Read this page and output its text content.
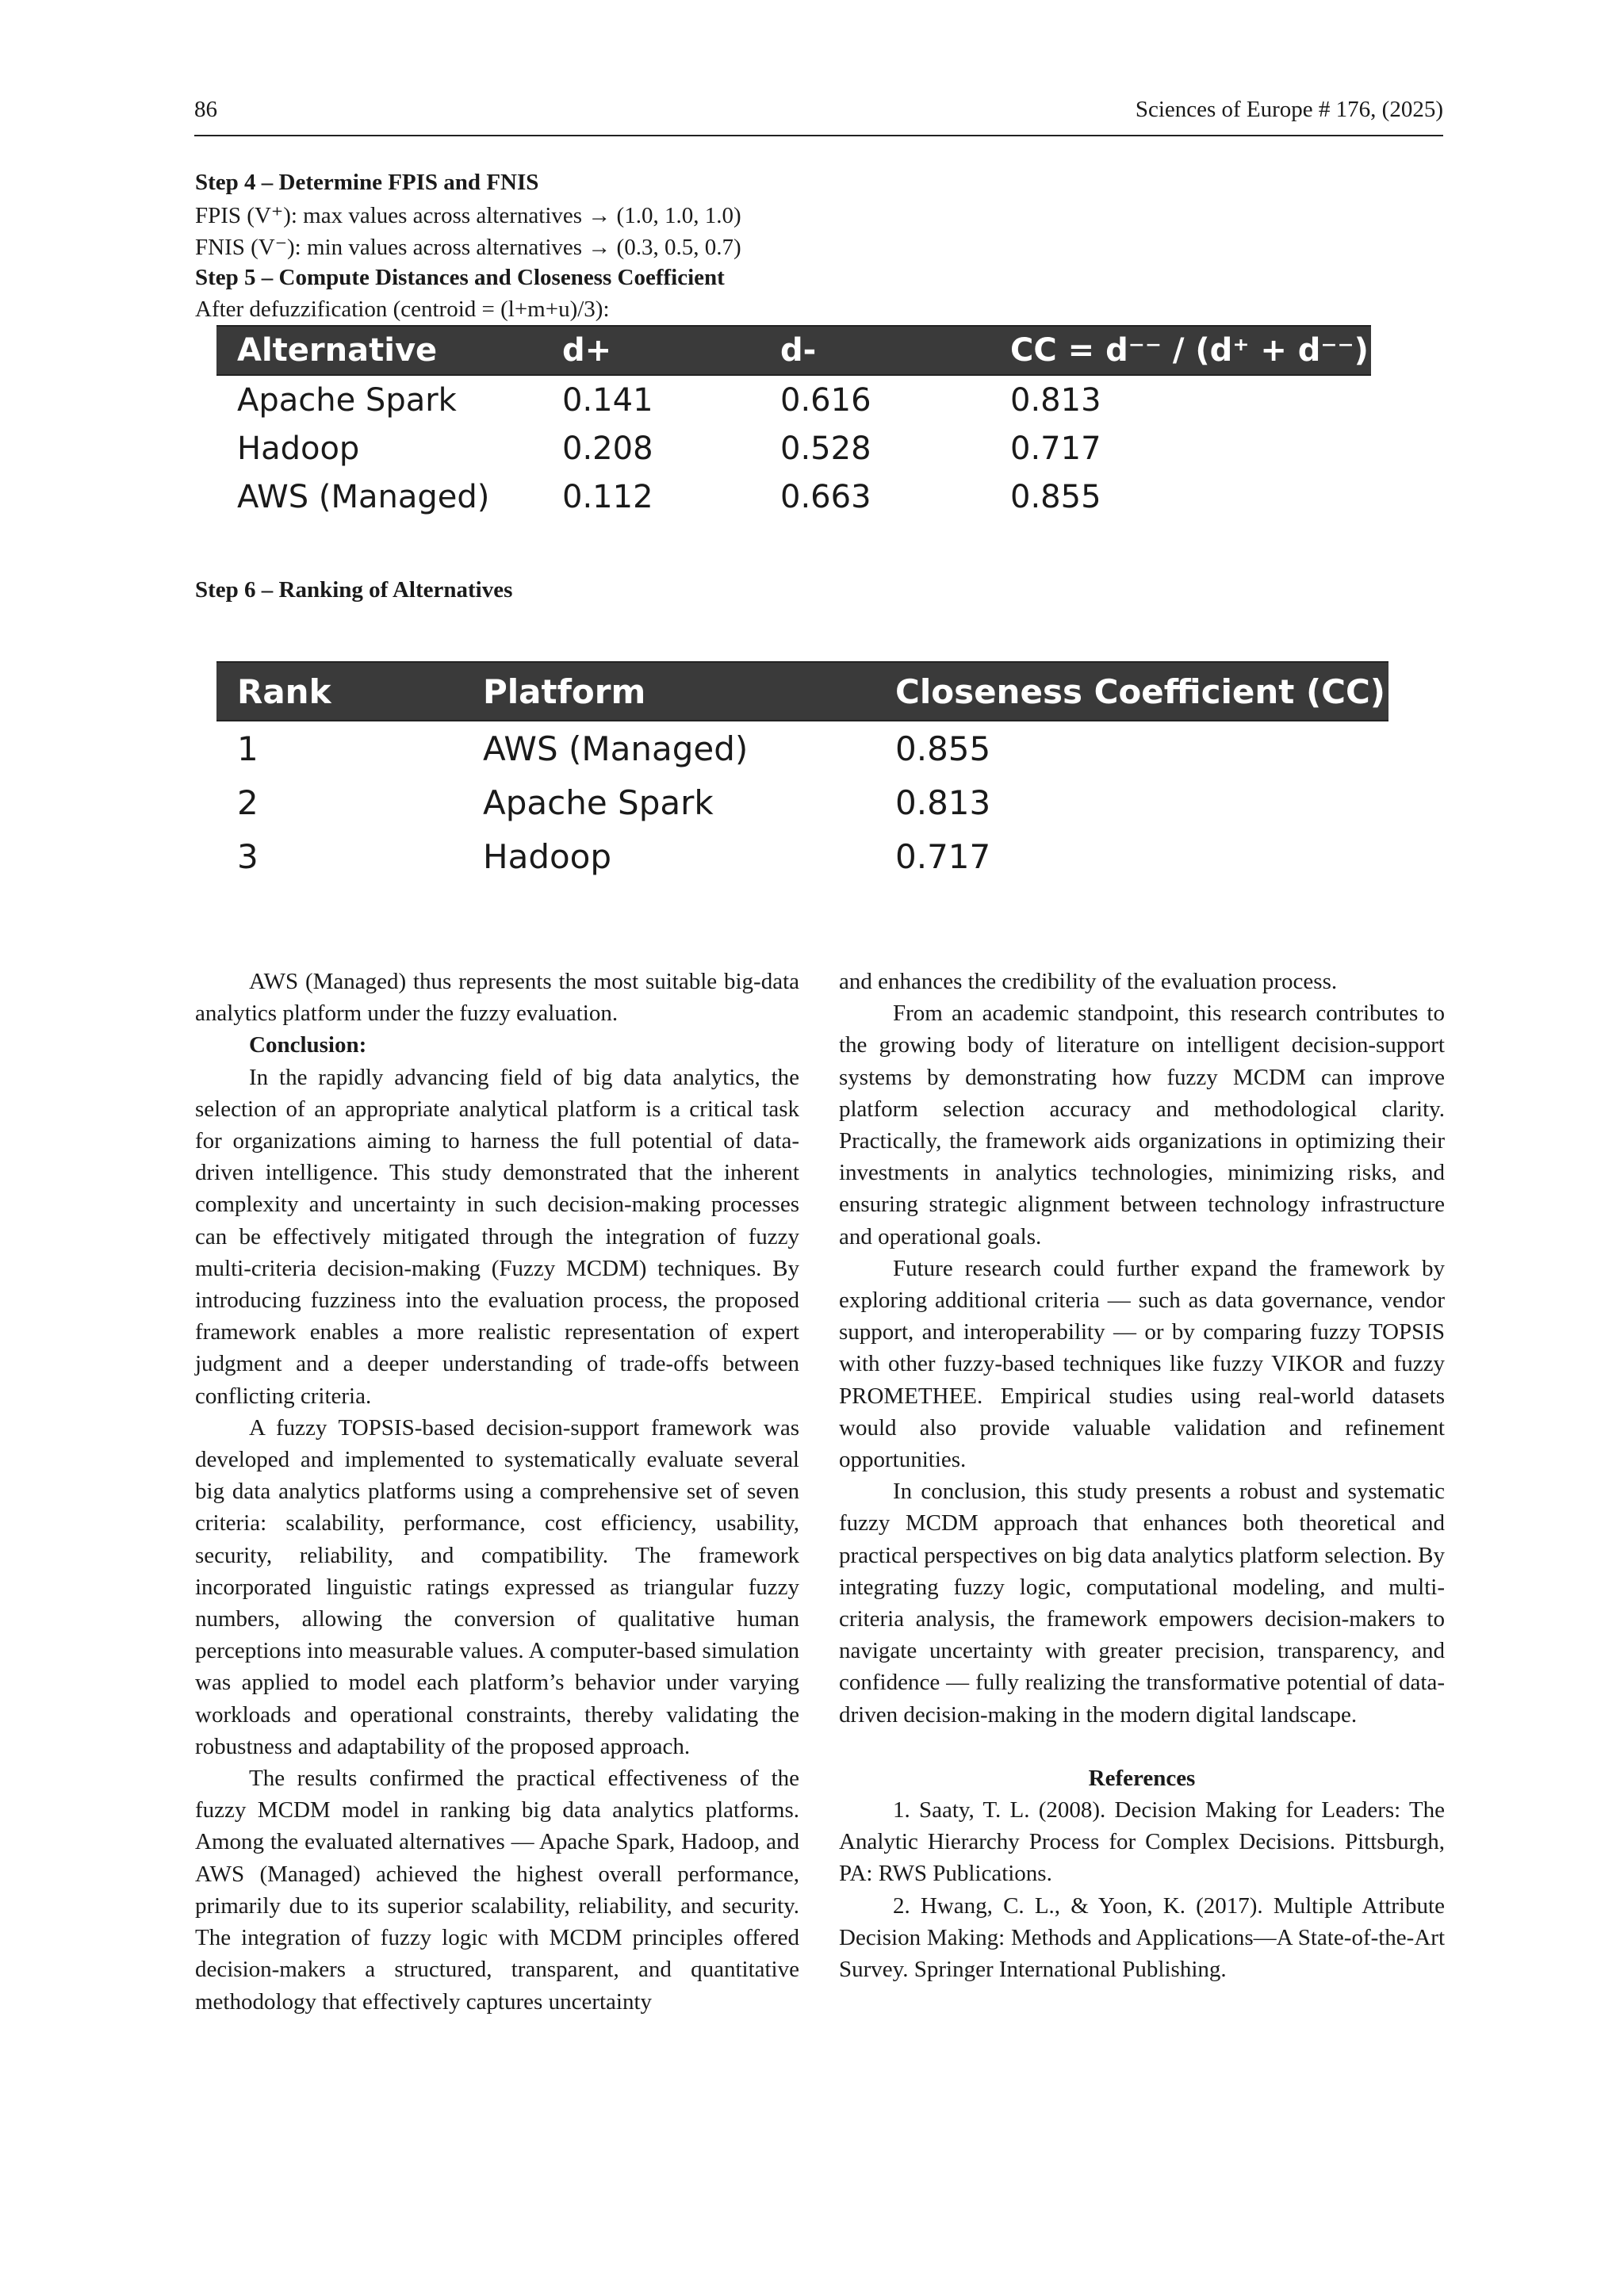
86	Sciences of Europe # 176, (2025)
Step 4 – Determine FPIS and FNIS
FPIS (V⁺): max values across alternatives → (1.0, 1.0, 1.0)
FNIS (V⁻): min values across alternatives → (0.3, 0.5, 0.7)
Step 5 – Compute Distances and Closeness Coefficient
After defuzzification (centroid = (l+m+u)/3):
Alternative	d+	d-	CC = d⁻⁻ / (d⁺ + d⁻⁻)
Apache Spark	0.141	0.616	0.813
Hadoop	0.208	0.528	0.717
AWS (Managed)	0.112	0.663	0.855
Step 6 – Ranking of Alternatives
Rank	Platform	Closeness Coefficient (CC)
1	AWS (Managed)	0.855
2	Apache Spark	0.813
3	Hadoop	0.717

AWS (Managed) thus represents the most suitable big-data analytics platform under the fuzzy evaluation.

Conclusion:

In the rapidly advancing field of big data analytics, the selection of an appropriate analytical platform is a critical task for organizations aiming to harness the full potential of data-driven intelligence. This study demonstrated that the inherent complexity and uncertainty in such decision-making processes can be effectively mitigated through the integration of fuzzy multi-criteria decision-making (Fuzzy MCDM) techniques. By introducing fuzziness into the evaluation process, the proposed framework enables a more realistic representation of expert judgment and a deeper understanding of trade-offs between conflicting criteria.

A fuzzy TOPSIS-based decision-support framework was developed and implemented to systematically evaluate several big data analytics platforms using a comprehensive set of seven criteria: scalability, performance, cost efficiency, usability, security, reliability, and compatibility. The framework incorporated linguistic ratings expressed as triangular fuzzy numbers, allowing the conversion of qualitative human perceptions into measurable values. A computer-based simulation was applied to model each platform’s behavior under varying workloads and operational constraints, thereby validating the robustness and adaptability of the proposed approach.

The results confirmed the practical effectiveness of the fuzzy MCDM model in ranking big data analytics platforms. Among the evaluated alternatives — Apache Spark, Hadoop, and AWS (Managed) achieved the highest overall performance, primarily due to its superior scalability, reliability, and security. The integration of fuzzy logic with MCDM principles offered decision-makers a structured, transparent, and quantitative methodology that effectively captures uncertainty

and enhances the credibility of the evaluation process.

From an academic standpoint, this research contributes to the growing body of literature on intelligent decision-support systems by demonstrating how fuzzy MCDM can improve platform selection accuracy and methodological clarity. Practically, the framework aids organizations in optimizing their investments in analytics technologies, minimizing risks, and ensuring strategic alignment between technology infrastructure and operational goals.

Future research could further expand the framework by exploring additional criteria — such as data governance, vendor support, and interoperability — or by comparing fuzzy TOPSIS with other fuzzy-based techniques like fuzzy VIKOR and fuzzy PROMETHEE. Empirical studies using real-world datasets would also provide valuable validation and refinement opportunities.

In conclusion, this study presents a robust and systematic fuzzy MCDM approach that enhances both theoretical and practical perspectives on big data analytics platform selection. By integrating fuzzy logic, computational modeling, and multi-criteria analysis, the framework empowers decision-makers to navigate uncertainty with greater precision, transparency, and confidence — fully realizing the transformative potential of data-driven decision-making in the modern digital landscape.

References

1. Saaty, T. L. (2008). Decision Making for Leaders: The Analytic Hierarchy Process for Complex Decisions. Pittsburgh, PA: RWS Publications.

2. Hwang, C. L., & Yoon, K. (2017). Multiple Attribute Decision Making: Methods and Applications—A State-of-the-Art Survey. Springer International Publishing.
